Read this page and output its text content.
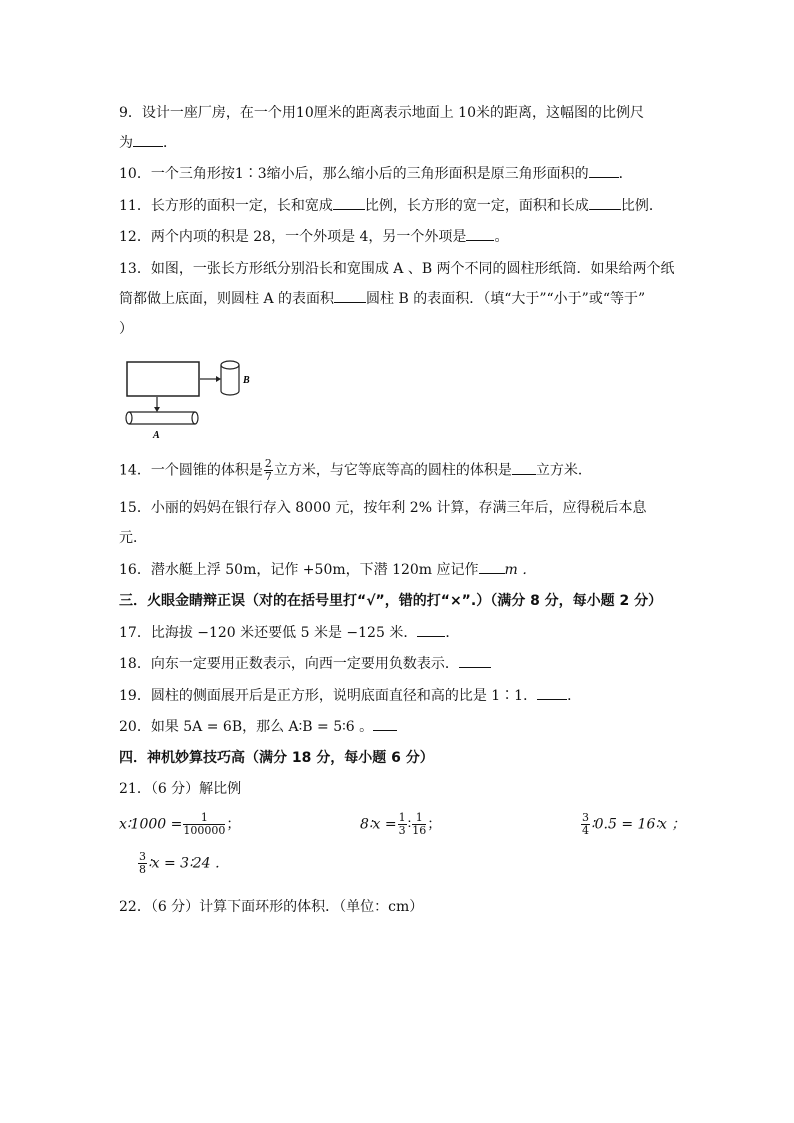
9．设计一座厂房，在一个用10厘米的距离表示地面上 10米的距离，这幅图的比例尺
为 ．
10．一个三角形按1∶3缩小后，那么缩小后的三角形面积是原三角形面积的 ．
11．长方形的面积一定，长和宽成 比例，长方形的宽一定，面积和长成 比例．
12．两个内项的积是 28，一个外项是 4，另一个外项是 。
13．如图，一张长方形纸分别沿长和宽围成 A 、B 两个不同的圆柱形纸筒．如果给两个纸
筒都做上底面，则圆柱 A 的表面积 圆柱 B 的表面积．（填“大于”“小于”或“等于”
）
B
A
14．一个圆锥的体积是 $\frac{2}{7}$ 立方米，与它等底等高的圆柱的体积是 立方米．
15．小丽的妈妈在银行存入 8000 元，按年利 2% 计算，存满三年后，应得税后本息
元．
16．潜水艇上浮 50m，记作 +50m，下潜 120m 应记作 m ．
三．火眼金睛辩正误（对的在括号里打“√”，错的打“×”.）（满分 8 分，每小题 2 分）
17．比海拔 −120 米还要低 5 米是 −125 米． ．
18．向东一定要用正数表示，向西一定要用负数表示．
19．圆柱的侧面展开后是正方形，说明底面直径和高的比是 1∶1． ．
20．如果 5A = 6B，那么 A∶B = 5∶6 。
四．神机妙算技巧高（满分 18 分，每小题 6 分）
21．（6 分）解比例
x∶1000 = $\frac{1}{100000}$ ；	8∶x = $\frac{1}{3}$ ∶ $\frac{1}{16}$ ；	$\frac{3}{4}$ ∶0.5 = 16∶x ；
$\frac{3}{8}$ ∶x = 3∶24 ．
22．（6 分）计算下面环形的体积．（单位：cm）
